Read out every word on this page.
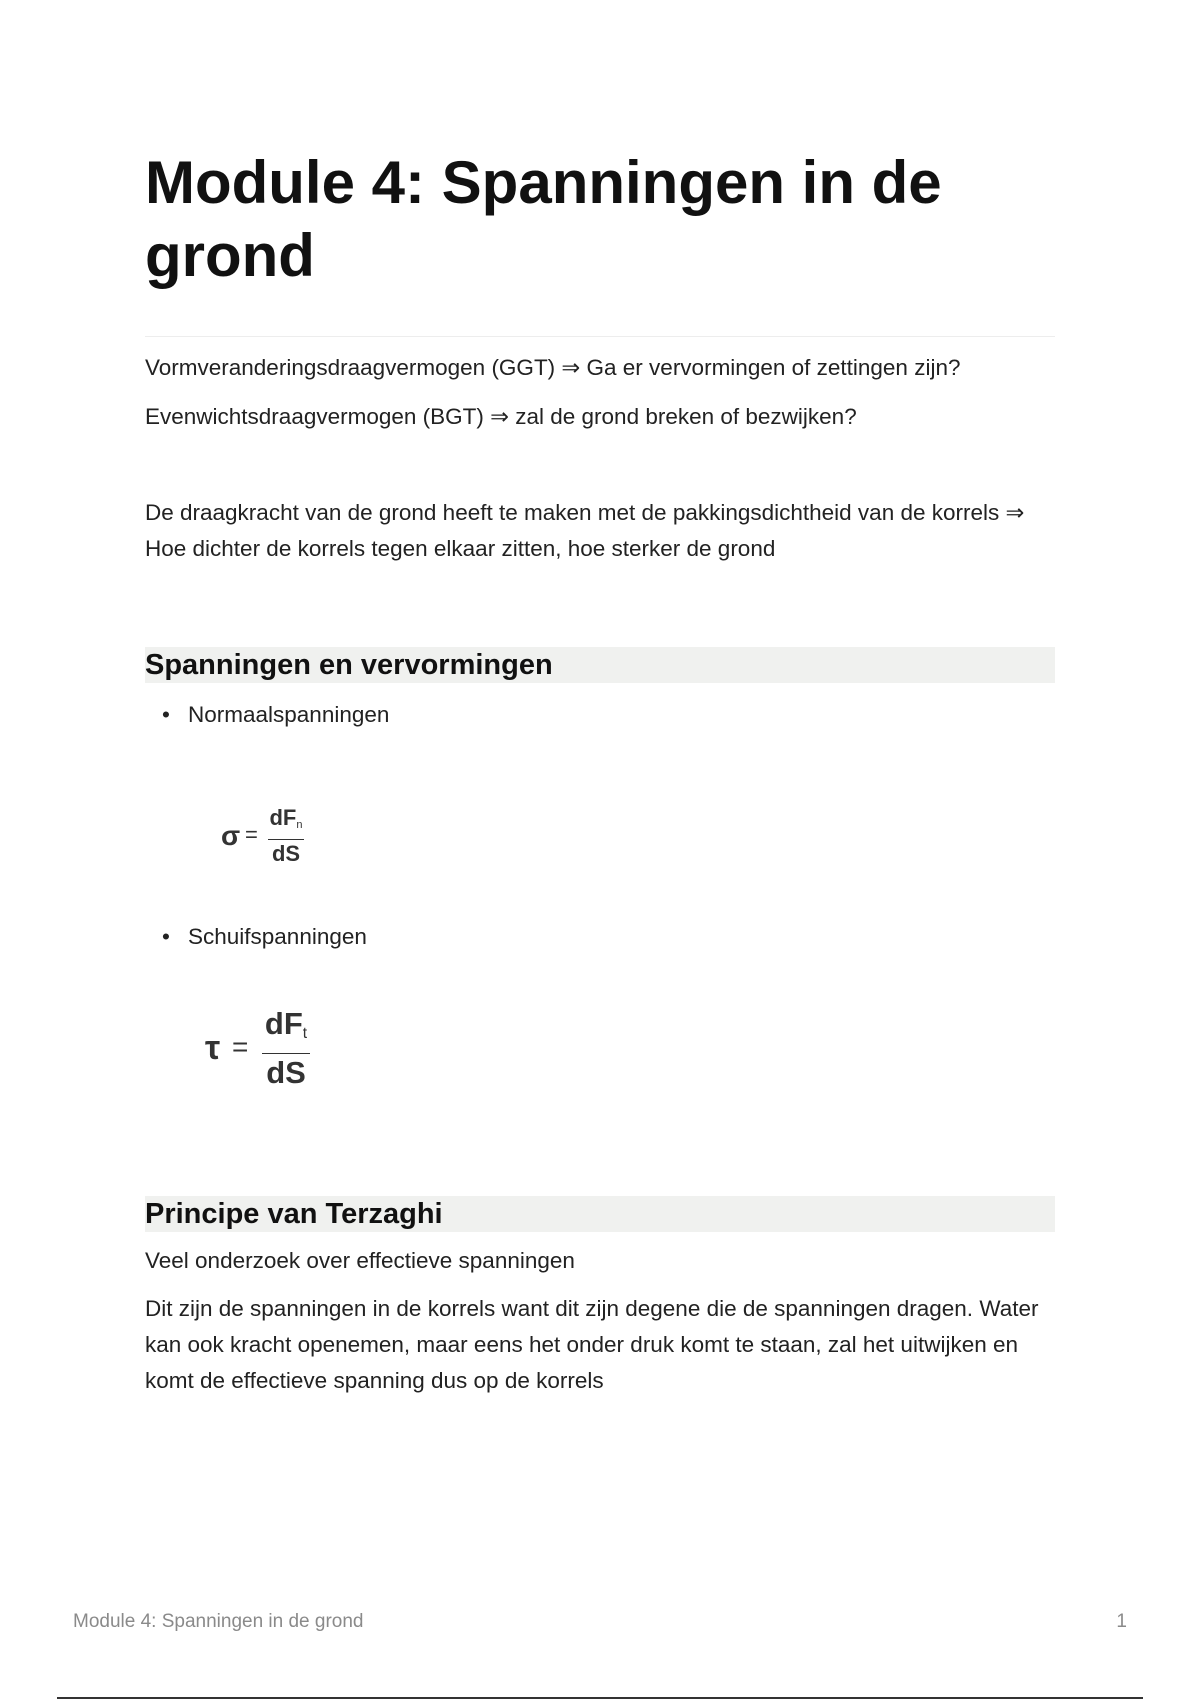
Module 4: Spanningen in de grond

Vormveranderingsdraagvermogen (GGT) ⇒ Ga er vervormingen of zettingen zijn?

Evenwichtsdraagvermogen (BGT) ⇒ zal de grond breken of bezwijken?

De draagkracht van de grond heeft te maken met de pakkingsdichtheid van de korrels ⇒ Hoe dichter de korrels tegen elkaar zitten, hoe sterker de grond

Spanningen en vervormingen
• Normaalspanningen
σ =
$dF_n$
dS
• Schuifspanningen
τ =
$dF_t$
dS
Principe van Terzaghi

Veel onderzoek over effectieve spanningen

Dit zijn de spanningen in de korrels want dit zijn degene die de spanningen dragen. Water kan ook kracht openemen, maar eens het onder druk komt te staan, zal het uitwijken en komt de effectieve spanning dus op de korrels

Module 4: Spanningen in de grond	1
